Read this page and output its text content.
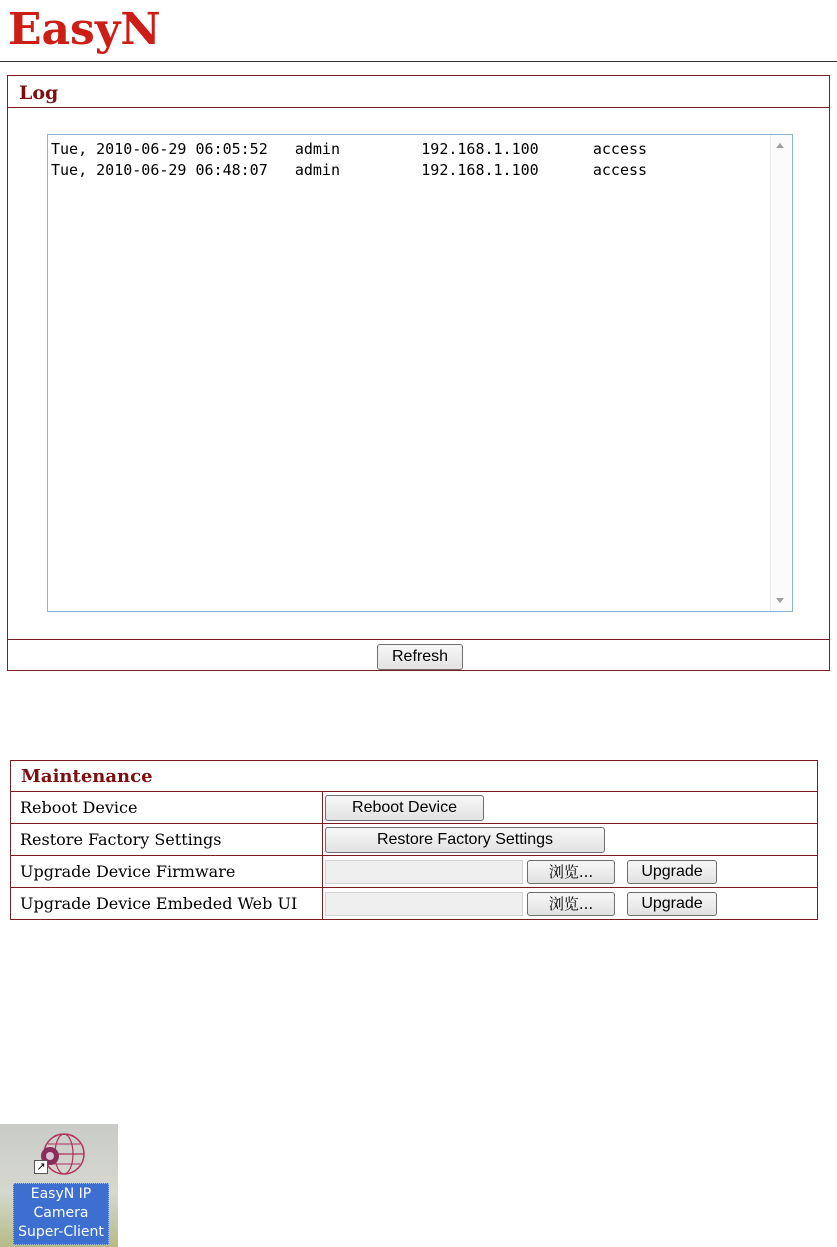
EasyN
Log
Tue, 2010-06-29 06:05:52   admin         192.168.1.100      access
Tue, 2010-06-29 06:48:07   admin         192.168.1.100      access
Refresh
Maintenance	
Reboot Device	Reboot Device
Restore Factory Settings	Restore Factory Settings
Upgrade Device Firmware	浏览... Upgrade
Upgrade Device Embeded Web UI	浏览... Upgrade
↗
EasyN IP Camera Super-Client
